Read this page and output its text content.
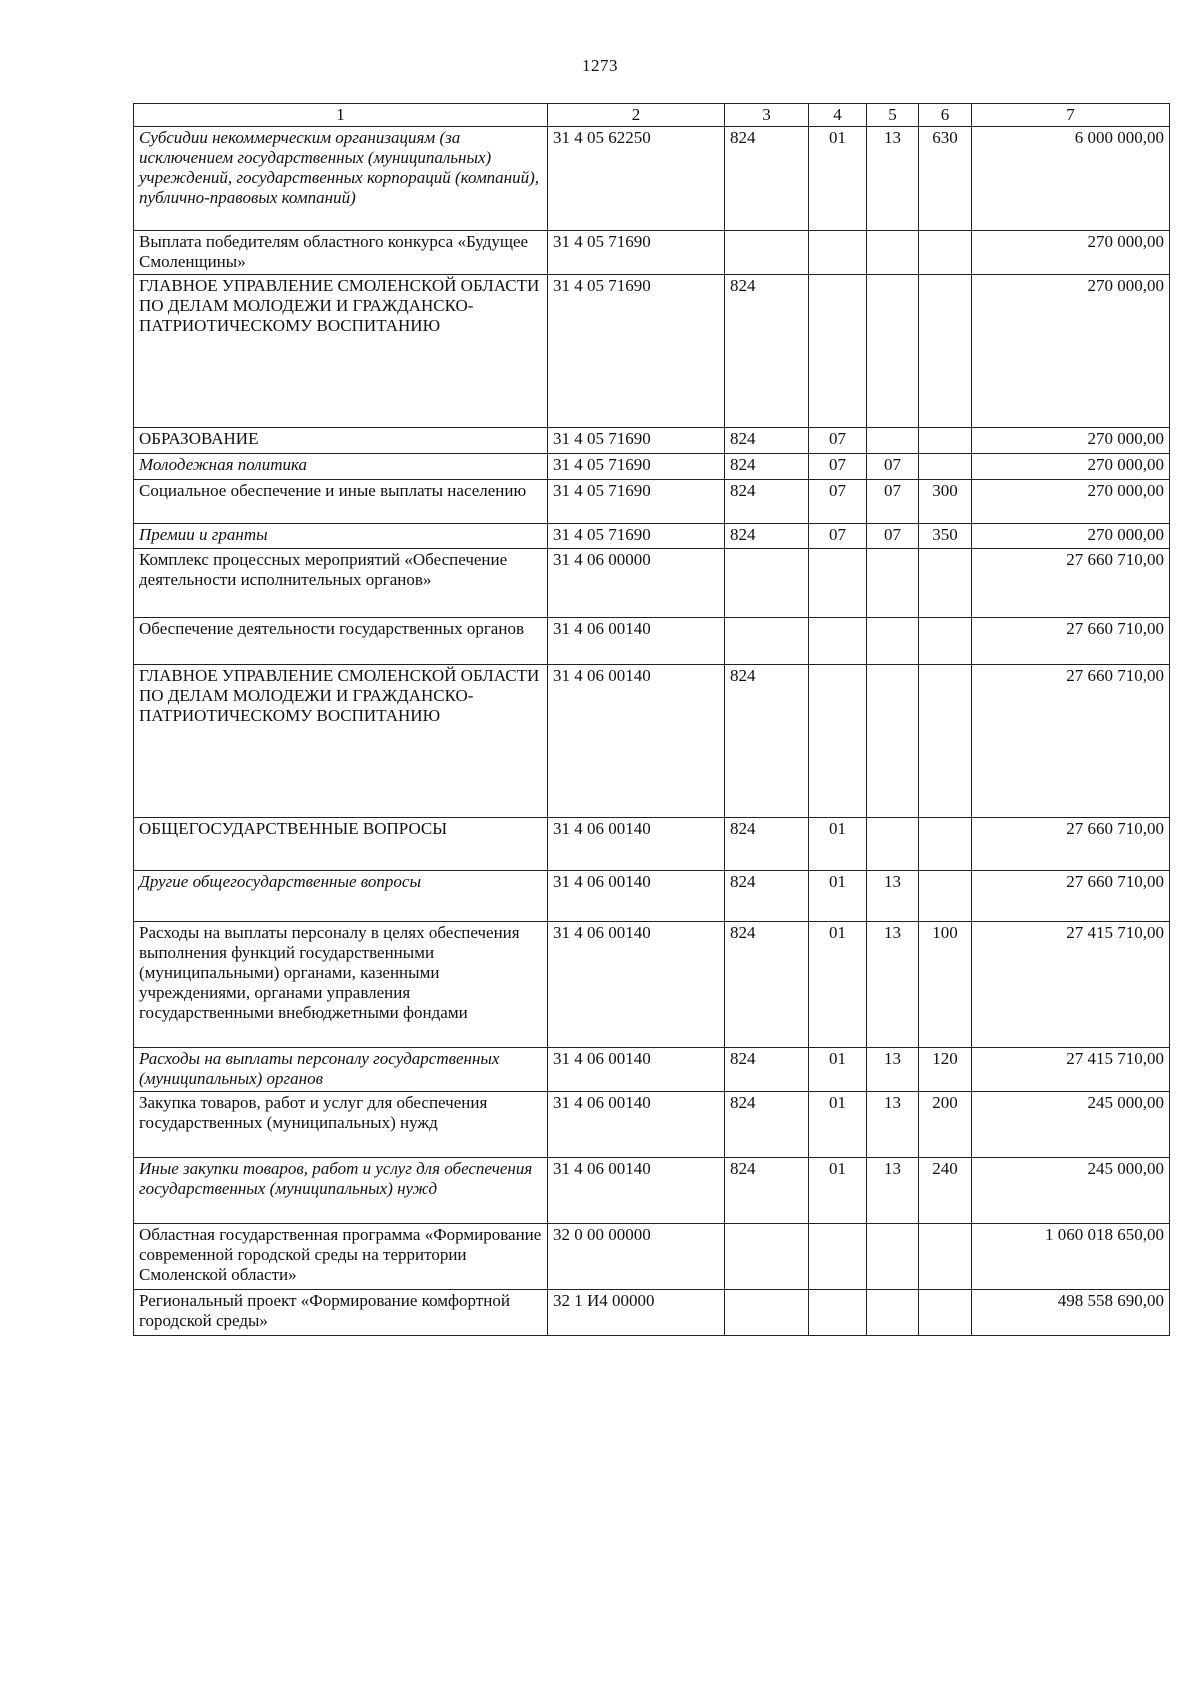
1273
1	2	3	4	5	6	7
Субсидии некоммерческим организациям (за исключением государственных (муниципальных) учреждений, государственных корпораций (компаний), публично-правовых компаний)	31 4 05 62250	824	01	13	630	6 000 000,00
Выплата победителям областного конкурса «Будущее Смоленщины»	31 4 05 71690					270 000,00
ГЛАВНОЕ УПРАВЛЕНИЕ СМОЛЕНСКОЙ ОБЛАСТИ ПО ДЕЛАМ МОЛОДЕЖИ И ГРАЖДАНСКО-ПАТРИОТИЧЕСКОМУ ВОСПИТАНИЮ	31 4 05 71690	824				270 000,00
ОБРАЗОВАНИЕ	31 4 05 71690	824	07			270 000,00
Молодежная политика	31 4 05 71690	824	07	07		270 000,00
Социальное обеспечение и иные выплаты населению	31 4 05 71690	824	07	07	300	270 000,00
Премии и гранты	31 4 05 71690	824	07	07	350	270 000,00
Комплекс процессных мероприятий «Обеспечение деятельности исполнительных органов»	31 4 06 00000					27 660 710,00
Обеспечение деятельности государственных органов	31 4 06 00140					27 660 710,00
ГЛАВНОЕ УПРАВЛЕНИЕ СМОЛЕНСКОЙ ОБЛАСТИ ПО ДЕЛАМ МОЛОДЕЖИ И ГРАЖДАНСКО-ПАТРИОТИЧЕСКОМУ ВОСПИТАНИЮ	31 4 06 00140	824				27 660 710,00
ОБЩЕГОСУДАРСТВЕННЫЕ ВОПРОСЫ	31 4 06 00140	824	01			27 660 710,00
Другие общегосударственные вопросы	31 4 06 00140	824	01	13		27 660 710,00
Расходы на выплаты персоналу в целях обеспечения выполнения функций государственными (муниципальными) органами, казенными учреждениями, органами управления государственными внебюджетными фондами	31 4 06 00140	824	01	13	100	27 415 710,00
Расходы на выплаты персоналу государственных (муниципальных) органов	31 4 06 00140	824	01	13	120	27 415 710,00
Закупка товаров, работ и услуг для обеспечения государственных (муниципальных) нужд	31 4 06 00140	824	01	13	200	245 000,00
Иные закупки товаров, работ и услуг для обеспечения государственных (муниципальных) нужд	31 4 06 00140	824	01	13	240	245 000,00
Областная государственная программа «Формирование современной городской среды на территории Смоленской области»	32 0 00 00000					1 060 018 650,00
Региональный проект «Формирование комфортной городской среды»	32 1 И4 00000					498 558 690,00
